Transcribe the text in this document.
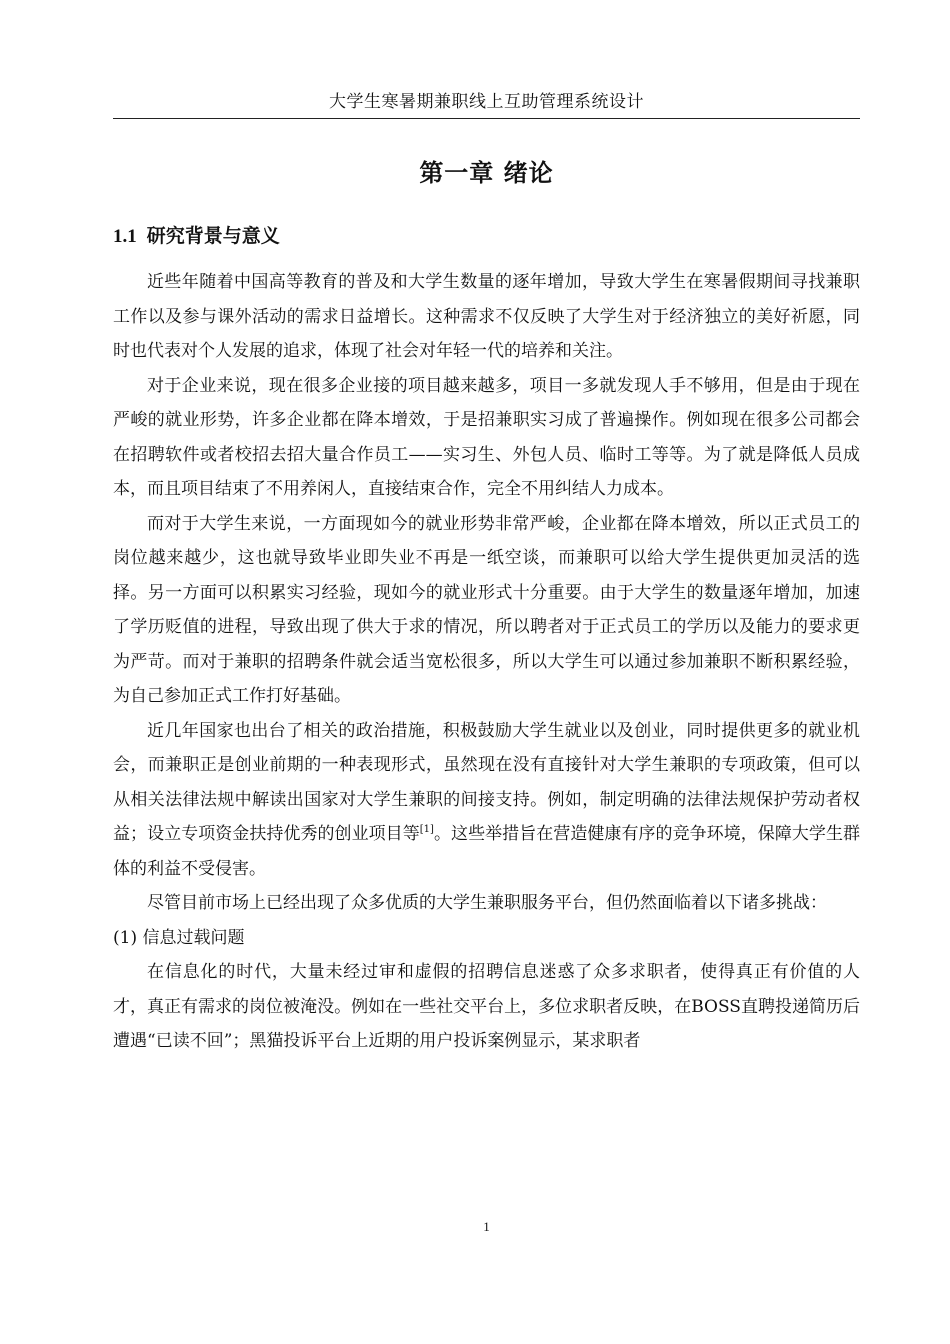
大学生寒暑期兼职线上互助管理系统设计
第一章 绪论
1.1 研究背景与意义

近些年随着中国高等教育的普及和大学生数量的逐年增加，导致大学生在寒暑假期间寻找兼职工作以及参与课外活动的需求日益增长。这种需求不仅反映了大学生对于经济独立的美好祈愿，同时也代表对个人发展的追求，体现了社会对年轻一代的培养和关注。

对于企业来说，现在很多企业接的项目越来越多，项目一多就发现人手不够用，但是由于现在严峻的就业形势，许多企业都在降本增效，于是招兼职实习成了普遍操作。例如现在很多公司都会在招聘软件或者校招去招大量合作员工——实习生、外包人员、临时工等等。为了就是降低人员成本，而且项目结束了不用养闲人，直接结束合作，完全不用纠结人力成本。

而对于大学生来说，一方面现如今的就业形势非常严峻，企业都在降本增效，所以正式员工的岗位越来越少，这也就导致毕业即失业不再是一纸空谈，而兼职可以给大学生提供更加灵活的选择。另一方面可以积累实习经验，现如今的就业形式十分重要。由于大学生的数量逐年增加，加速了学历贬值的进程，导致出现了供大于求的情况，所以聘者对于正式员工的学历以及能力的要求更为严苛。而对于兼职的招聘条件就会适当宽松很多，所以大学生可以通过参加兼职不断积累经验，为自己参加正式工作打好基础。

近几年国家也出台了相关的政治措施，积极鼓励大学生就业以及创业，同时提供更多的就业机会，而兼职正是创业前期的一种表现形式，虽然现在没有直接针对大学生兼职的专项政策，但可以从相关法律法规中解读出国家对大学生兼职的间接支持。例如，制定明确的法律法规保护劳动者权益；设立专项资金扶持优秀的创业项目等[1]。这些举措旨在营造健康有序的竞争环境，保障大学生群体的利益不受侵害。

尽管目前市场上已经出现了众多优质的大学生兼职服务平台，但仍然面临着以下诸多挑战：

(1) 信息过载问题

在信息化的时代，大量未经过审和虚假的招聘信息迷惑了众多求职者，使得真正有价值的人才，真正有需求的岗位被淹没。例如在一些社交平台上，多位求职者反映，在BOSS直聘投递简历后遭遇“已读不回”；黑猫投诉平台上近期的用户投诉案例显示，某求职者

1
